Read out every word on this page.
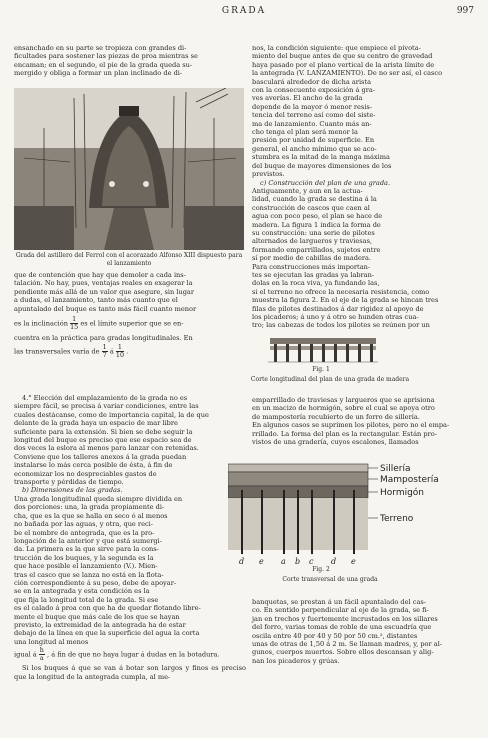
GRADA	997

ensanchado en su parte se tropieza con grandes di-

ficultades para sostener las piezas de proa mientras se

encaman; en el segundo, el pie de la grada queda su-

mergido y obliga a formar un plan inclinado de di-

Grada del astillero del Ferrol con el acorazado Alfonso XIII dispuesto para el lanzamiento

que de contención que hay que demoler a cada ins-

talación. No hay, pues, ventajas reales en exagerar la

pendiente más allá de un valor que asegure, sin lugar

a dudas, el lanzamiento, tanto más cuanto que el

apuntalado del buque es tanto más fácil cuanto menor

es la inclinación $\frac{1}{15}$ es el límite superior que se en-

cuentra en la práctica para gradas longitudinales. En

las transversales varía de $\frac{1}{7}$ á $\frac{1}{10}$ .

4.° Elección del emplazamiento de la grada no es

siempre fácil, se precisa á variar condiciones, entre las

cuales destácanse, como de importancia capital, la de que

delante de la grada haya un espacio de mar libre

suficiente para la extensión. Si bien se debe seguir la

longitud del buque es preciso que ese espacio sea de

dos veces la eslora al menos para lanzar con retenidas.

Conviene que los talleres anexos á la grada puedan

instalarse lo más cerca posible de ésta, á fin de

economizar los no despreciables gastos de

transporte y pérdidas de tiempo.

b) Dimensiones de las gradas.

Una grada longitudinal queda siempre dividida en

dos porciones: una, la grada propiamente di-

cha, que es la que se halla en seco ó al menos

no bañada por las aguas, y otra, que reci-

be el nombre de antegrada, que es la pro-

longación de la anterior y que está sumergi-

da. La primera es la que sirve para la cons-

trucción de los buques, y la segunda es la

que hace posible el lanzamiento (V.). Mien-

tras el casco que se lanza no está en la flota-

ción correspondiente á su peso, debe de apoyar-

se en la antegrada y esta condición es la

que fija la longitud total de la grada. Si ese

es el calado á proa con que ha de quedar flotando libre-

mente el buque que más cale de los que se hayan

previsto, la extremidad de la antegrada ha de estar

debajo de la línea en que la superficie del agua la corta

una longitud al menos

igual á $\frac{h}{a}$ , á fin de que no haya lugar á dudas en la botadura.

Si los buques á que se van á botar son largos y finos es preciso que la longitud de la antegrada cumpla, al me-

nos, la condición siguiente: que empiece el pivota-

miento del buque antes de que su centro de gravedad

haya pasado por el plano vertical de la arista límite de

la antegrada (V. LANZAMIENTO). De no ser así, el casco

basculará alrededor de dicha arista

con la consecuente exposición á gra-

ves averías. El ancho de la grada

depende de la mayor ó menor resis-

tencia del terreno así como del siste-

ma de lanzamiento. Cuanto más an-

cho tenga el plan será menor la

presión por unidad de superficie. En

general, el ancho mínimo que se aco-

stumbra es la mitad de la manga máxima

del buque de mayores dimensiones de los

previstos.

c) Construcción del plan de una grada.

Antiguamente, y aun en la actua-

lidad, cuando la grada se destina á la

construcción de cascos que caen al

agua con poco peso, el plan se hace de

madera. La figura 1 indica la forma de

su construcción: una serie de pilotes

alternados de largueros y traviesas,

formando emparrillados, sujetos entre

sí por medio de cabillas de madera.

Para construcciones más importan-

tes se ejecutan las gradas ya labran-

dolas en la roca viva, ya fundando las,

si el terreno no ofrece la necesaria resistencia, como

muestra la figura 2. En el eje de la grada se hincan tres

filas de pilotes destinados á dar rigidez al apoyo de

los picaderos; á uno y á otro se hunden otras cua-

tro; las cabezas de todos los pilotes se reúnen por un

Fig. 1
Corte longitudinal del plan de una grada de madera

emparrillado de traviesas y largueros que se aprisiona

en un macizo de hormigón, sobre el cual se apoya otro

de mampostería recubierto de un forro de sillería.

En algunos casos se suprimen los pilotes, pero no el empa-

rrillado. La forma del plan es la rectangular. Están pro-

vistos de una gradería, cuyos escalones, llamados

Sillería
Mampostería
Hormigón
Terreno
d e a b c d e
Fig. 2
Corte transversal de una grada

banquetas, se prestan á un fácil apuntalado del cas-

co. En sentido perpendicular al eje de la grada, se fi-

jan en trechos y fuertemente incrustados en los sillares

del forro, varias tomas de roble de una escuadría que

oscila entre 40 por 40 y 50 por 50 cm.², distantes

unas de otras de 1,50 á 2 m. Se llaman madres, y, por al-

gunos, cuerpos muertos. Sobre ellos descansan y alig-

nan los picaderos y grúas.
